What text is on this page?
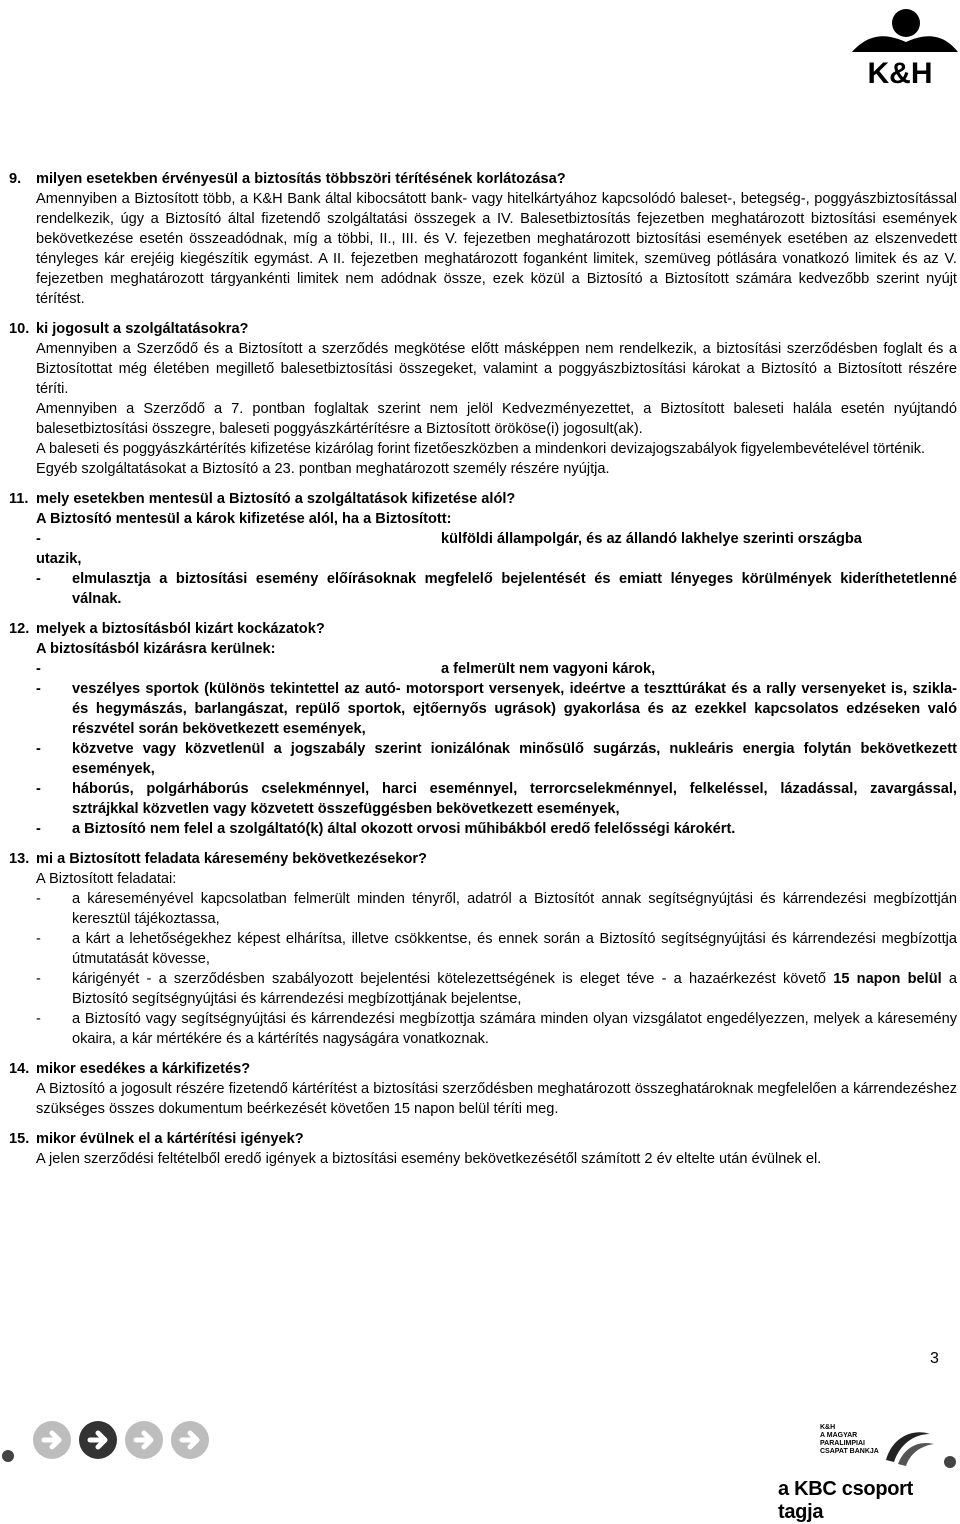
K&H
9.	milyen esetekben érvényesül a biztosítás többszöri térítésének korlátozása?

Amennyiben a Biztosított több, a K&H Bank által kibocsátott bank- vagy hitelkártyához kapcsolódó baleset-, betegség-, poggyászbiztosítással rendelkezik, úgy a Biztosító által fizetendő szolgáltatási összegek a IV. Balesetbiztosítás fejezetben meghatározott biztosítási események bekövetkezése esetén összeadódnak, míg a többi, II., III. és V. fejezetben meghatározott biztosítási események esetében az elszenvedett tényleges kár erejéig kiegészítik egymást. A II. fejezetben meghatározott foganként limitek, szemüveg pótlására vonatkozó limitek és az V. fejezetben meghatározott tárgyankénti limitek nem adódnak össze, ezek közül a Biztosító a Biztosított számára kedvezőbb szerint nyújt térítést.

10. ki jogosult a szolgáltatásokra?

Amennyiben a Szerződő és a Biztosított a szerződés megkötése előtt másképpen nem rendelkezik, a biztosítási szerződésben foglalt és a Biztosítottat még életében megillető balesetbiztosítási összegeket, valamint a poggyászbiztosítási károkat a Biztosító a Biztosított részére téríti.

Amennyiben a Szerződő a 7. pontban foglaltak szerint nem jelöl Kedvezményezettet, a Biztosított baleseti halála esetén nyújtandó balesetbiztosítási összegre, baleseti poggyászkártérítésre a Biztosított örököse(i) jogosult(ak).

A baleseti és poggyászkártérítés kifizetése kizárólag forint fizetőeszközben a mindenkori devizajogszabályok figyelembevételével történik.

Egyéb szolgáltatásokat a Biztosító a 23. pontban meghatározott személy részére nyújtja.

11. mely esetekben mentesül a Biztosító a szolgáltatások kifizetése alól?

A Biztosító mentesül a károk kifizetése alól, ha a Biztosított:

-	külföldi állampolgár, és az állandó lakhelye szerinti országba

utazik,

-	elmulasztja a biztosítási esemény előírásoknak megfelelő bejelentését és emiatt lényeges körülmények kideríthetetlenné válnak.
12. melyek a biztosításból kizárt kockázatok?

A biztosításból kizárásra kerülnek:

-	a felmerült nem vagyoni károk,
-	veszélyes sportok (különös tekintettel az autó- motorsport versenyek, ideértve a teszttúrákat és a rally versenyeket is, szikla- és hegymászás, barlangászat, repülő sportok, ejtőernyős ugrások) gyakorlása és az ezekkel kapcsolatos edzéseken való részvétel során bekövetkezett események,
-	közvetve vagy közvetlenül a jogszabály szerint ionizálónak minősülő sugárzás, nukleáris energia folytán bekövetkezett események,
-	háborús, polgárháborús cselekménnyel, harci eseménnyel, terrorcselekménnyel, felkeléssel, lázadással, zavargással, sztrájkkal közvetlen vagy közvetett összefüggésben bekövetkezett események,
-	a Biztosító nem felel a szolgáltató(k) által okozott orvosi műhibákból eredő felelősségi károkért.
13. mi a Biztosított feladata káresemény bekövetkezésekor?

A Biztosított feladatai:

-	a káreseményével kapcsolatban felmerült minden tényről, adatról a Biztosítót annak segítségnyújtási és kárrendezési megbízottján keresztül tájékoztassa,
-	a kárt a lehetőségekhez képest elhárítsa, illetve csökkentse, és ennek során a Biztosító segítségnyújtási és kárrendezési megbízottja útmutatását kövesse,
-	kárigényét - a szerződésben szabályozott bejelentési kötelezettségének is eleget téve - a hazaérkezést követő 15 napon belül a Biztosító segítségnyújtási és kárrendezési megbízottjának bejelentse,
-	a Biztosító vagy segítségnyújtási és kárrendezési megbízottja számára minden olyan vizsgálatot engedélyezzen, melyek a káresemény okaira, a kár mértékére és a kártérítés nagyságára vonatkoznak.
14. mikor esedékes a kárkifizetés?

A Biztosító a jogosult részére fizetendő kártérítést a biztosítási szerződésben meghatározott összeghatároknak megfelelően a kárrendezéshez szükséges összes dokumentum beérkezését követően 15 napon belül téríti meg.

15. mikor évülnek el a kártérítési igények?

A jelen szerződési feltételből eredő igények a biztosítási esemény bekövetkezésétől számított 2 év eltelte után évülnek el.

3
K&H
A MAGYAR
PARALIMPIAI
CSAPAT BANKJA
a KBC csoport tagja
